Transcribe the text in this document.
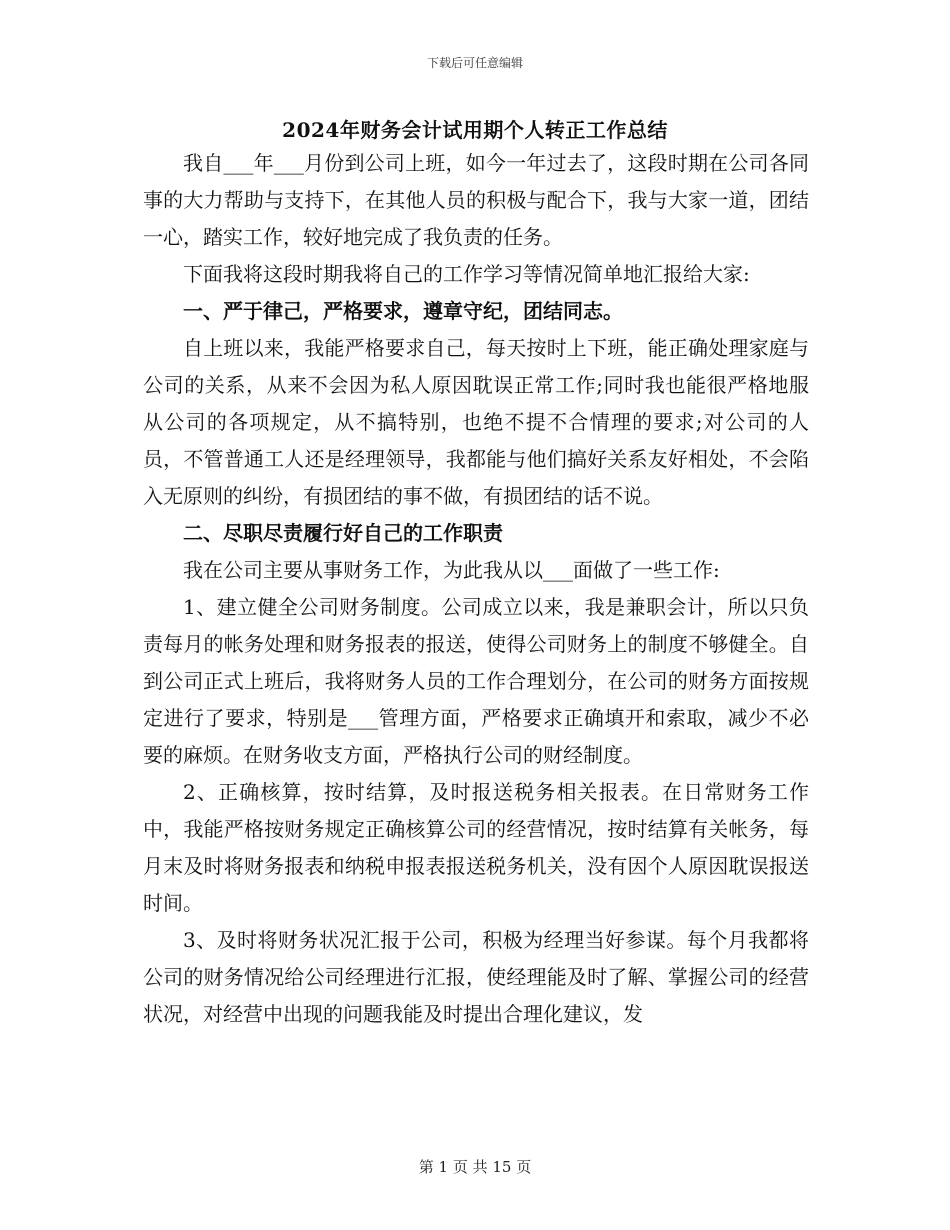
下载后可任意编辑
2024年财务会计试用期个人转正工作总结

我自___年___月份到公司上班，如今一年过去了，这段时期在公司各同事的大力帮助与支持下，在其他人员的积极与配合下，我与大家一道，团结一心，踏实工作，较好地完成了我负责的任务。

下面我将这段时期我将自己的工作学习等情况简单地汇报给大家:

一、严于律己，严格要求，遵章守纪，团结同志。

自上班以来，我能严格要求自己，每天按时上下班，能正确处理家庭与公司的关系，从来不会因为私人原因耽误正常工作;同时我也能很严格地服从公司的各项规定，从不搞特别，也绝不提不合情理的要求;对公司的人员，不管普通工人还是经理领导，我都能与他们搞好关系友好相处，不会陷入无原则的纠纷，有损团结的事不做，有损团结的话不说。

二、尽职尽责履行好自己的工作职责

我在公司主要从事财务工作，为此我从以___面做了一些工作:

1、建立健全公司财务制度。公司成立以来，我是兼职会计，所以只负责每月的帐务处理和财务报表的报送，使得公司财务上的制度不够健全。自到公司正式上班后，我将财务人员的工作合理划分，在公司的财务方面按规定进行了要求，特别是___管理方面，严格要求正确填开和索取，减少不必要的麻烦。在财务收支方面，严格执行公司的财经制度。

2、正确核算，按时结算，及时报送税务相关报表。在日常财务工作中，我能严格按财务规定正确核算公司的经营情况，按时结算有关帐务，每月末及时将财务报表和纳税申报表报送税务机关，没有因个人原因耽误报送时间。

3、及时将财务状况汇报于公司，积极为经理当好参谋。每个月我都将公司的财务情况给公司经理进行汇报，使经理能及时了解、掌握公司的经营状况，对经营中出现的问题我能及时提出合理化建议，发

第 1 页 共 15 页
